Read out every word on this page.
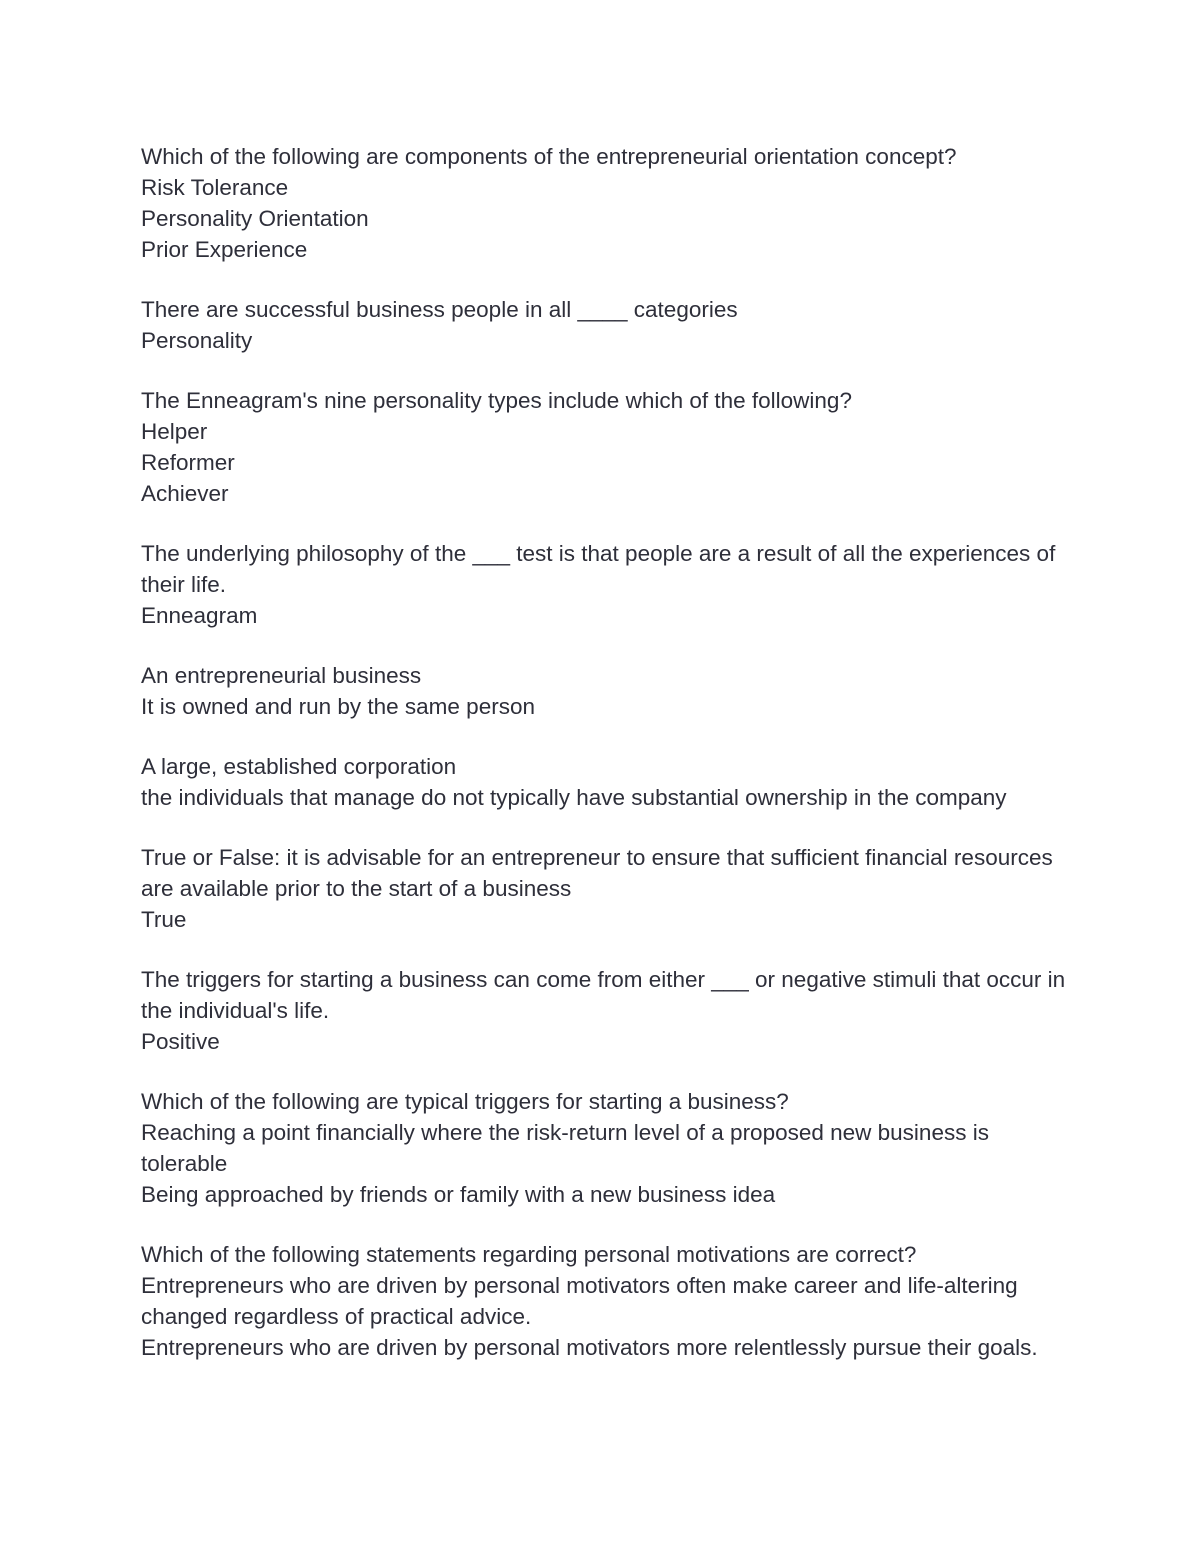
Which of the following are components of the entrepreneurial orientation concept?
Risk Tolerance
Personality Orientation
Prior Experience
There are successful business people in all ____ categories
Personality
The Enneagram's nine personality types include which of the following?
Helper
Reformer
Achiever
The underlying philosophy of the ___ test is that people are a result of all the experiences of their life.
Enneagram
An entrepreneurial business
It is owned and run by the same person
A large, established corporation
the individuals that manage do not typically have substantial ownership in the company
True or False: it is advisable for an entrepreneur to ensure that sufficient financial resources are available prior to the start of a business
True
The triggers for starting a business can come from either ___ or negative stimuli that occur in the individual's life.
Positive
Which of the following are typical triggers for starting a business?
Reaching a point financially where the risk-return level of a proposed new business is tolerable
Being approached by friends or family with a new business idea
Which of the following statements regarding personal motivations are correct?
Entrepreneurs who are driven by personal motivators often make career and life-altering changed regardless of practical advice.
Entrepreneurs who are driven by personal motivators more relentlessly pursue their goals.
